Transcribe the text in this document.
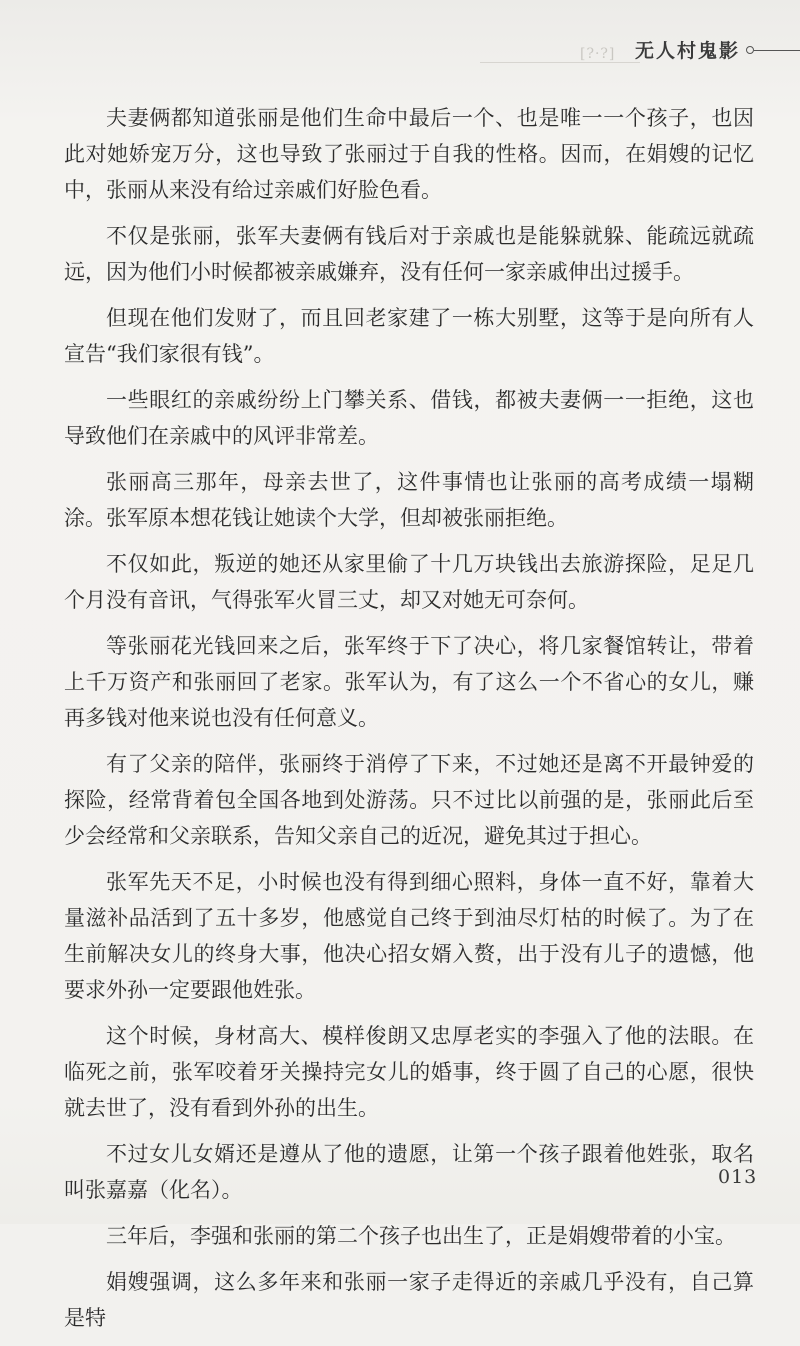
[?·?] 无人村鬼影

夫妻俩都知道张丽是他们生命中最后一个、也是唯一一个孩子，也因此对她娇宠万分，这也导致了张丽过于自我的性格。因而，在娟嫂的记忆中，张丽从来没有给过亲戚们好脸色看。

不仅是张丽，张军夫妻俩有钱后对于亲戚也是能躲就躲、能疏远就疏远，因为他们小时候都被亲戚嫌弃，没有任何一家亲戚伸出过援手。

但现在他们发财了，而且回老家建了一栋大别墅，这等于是向所有人宣告“我们家很有钱”。

一些眼红的亲戚纷纷上门攀关系、借钱，都被夫妻俩一一拒绝，这也导致他们在亲戚中的风评非常差。

张丽高三那年，母亲去世了，这件事情也让张丽的高考成绩一塌糊涂。张军原本想花钱让她读个大学，但却被张丽拒绝。

不仅如此，叛逆的她还从家里偷了十几万块钱出去旅游探险，足足几个月没有音讯，气得张军火冒三丈，却又对她无可奈何。

等张丽花光钱回来之后，张军终于下了决心，将几家餐馆转让，带着上千万资产和张丽回了老家。张军认为，有了这么一个不省心的女儿，赚再多钱对他来说也没有任何意义。

有了父亲的陪伴，张丽终于消停了下来，不过她还是离不开最钟爱的探险，经常背着包全国各地到处游荡。只不过比以前强的是，张丽此后至少会经常和父亲联系，告知父亲自己的近况，避免其过于担心。

张军先天不足，小时候也没有得到细心照料，身体一直不好，靠着大量滋补品活到了五十多岁，他感觉自己终于到油尽灯枯的时候了。为了在生前解决女儿的终身大事，他决心招女婿入赘，出于没有儿子的遗憾，他要求外孙一定要跟他姓张。

这个时候，身材高大、模样俊朗又忠厚老实的李强入了他的法眼。在临死之前，张军咬着牙关操持完女儿的婚事，终于圆了自己的心愿，很快就去世了，没有看到外孙的出生。

不过女儿女婿还是遵从了他的遗愿，让第一个孩子跟着他姓张，取名叫张嘉嘉（化名）。

三年后，李强和张丽的第二个孩子也出生了，正是娟嫂带着的小宝。

娟嫂强调，这么多年来和张丽一家子走得近的亲戚几乎没有，自己算是特

013
